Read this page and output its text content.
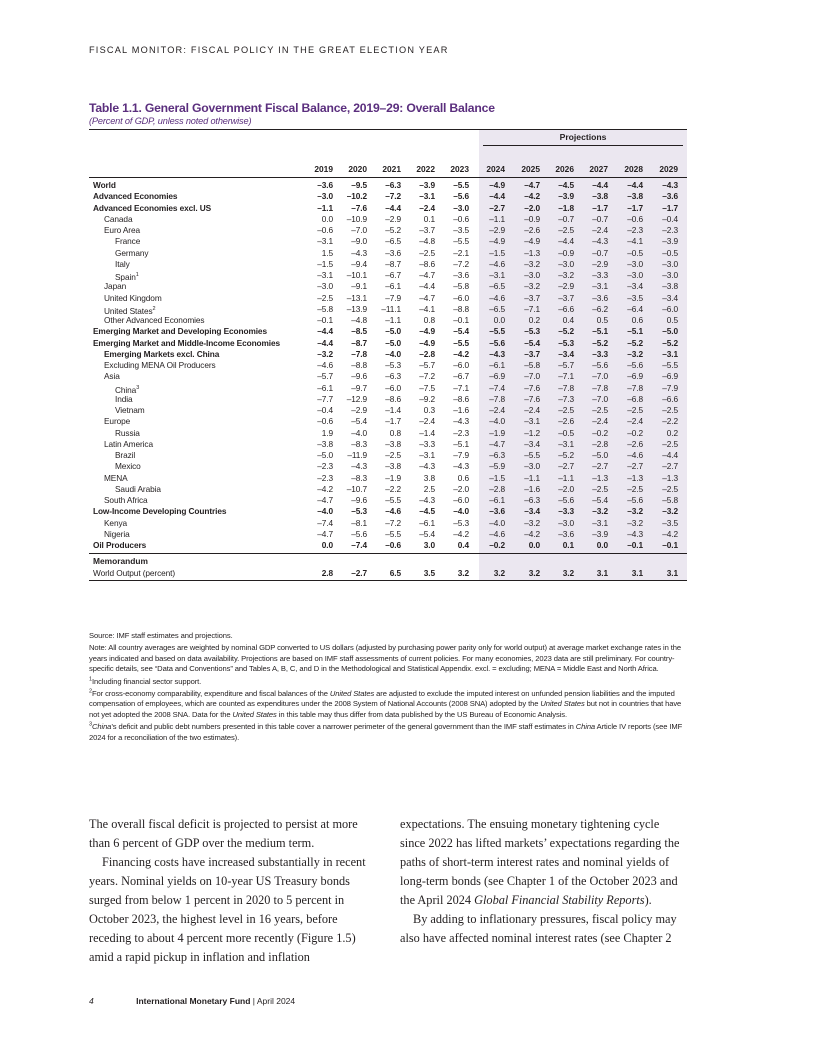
FISCAL MONITOR: FISCAL POLICY IN THE GREAT ELECTION YEAR
Table 1.1. General Government Fiscal Balance, 2019–29: Overall Balance
(Percent of GDP, unless noted otherwise)
Projections
2019	2020	2021	2022	2023	2024	2025	2026	2027	2028	2029
World	–3.6	–9.5	–6.3	–3.9	–5.5	–4.9	–4.7	–4.5	–4.4	–4.4	–4.3
Advanced Economies	–3.0	–10.2	–7.2	–3.1	–5.6	–4.4	–4.2	–3.9	–3.8	–3.8	–3.6
Advanced Economies excl. US	–1.1	–7.6	–4.4	–2.4	–3.0	–2.7	–2.0	–1.8	–1.7	–1.7	–1.7
Canada	0.0	–10.9	–2.9	0.1	–0.6	–1.1	–0.9	–0.7	–0.7	–0.6	–0.4
Euro Area	–0.6	–7.0	–5.2	–3.7	–3.5	–2.9	–2.6	–2.5	–2.4	–2.3	–2.3
France	–3.1	–9.0	–6.5	–4.8	–5.5	–4.9	–4.9	–4.4	–4.3	–4.1	–3.9
Germany	1.5	–4.3	–3.6	–2.5	–2.1	–1.5	–1.3	–0.9	–0.7	–0.5	–0.5
Italy	–1.5	–9.4	–8.7	–8.6	–7.2	–4.6	–3.2	–3.0	–2.9	–3.0	–3.0
Spain$^1$	–3.1	–10.1	–6.7	–4.7	–3.6	–3.1	–3.0	–3.2	–3.3	–3.0	–3.0
Japan	–3.0	–9.1	–6.1	–4.4	–5.8	–6.5	–3.2	–2.9	–3.1	–3.4	–3.8
United Kingdom	–2.5	–13.1	–7.9	–4.7	–6.0	–4.6	–3.7	–3.7	–3.6	–3.5	–3.4
United States$^2$	–5.8	–13.9	–11.1	–4.1	–8.8	–6.5	–7.1	–6.6	–6.2	–6.4	–6.0
Other Advanced Economies	–0.1	–4.8	–1.1	0.8	–0.1	0.0	0.2	0.4	0.5	0.6	0.5
Emerging Market and Developing Economies	–4.4	–8.5	–5.0	–4.9	–5.4	–5.5	–5.3	–5.2	–5.1	–5.1	–5.0
Emerging Market and Middle-Income Economies	–4.4	–8.7	–5.0	–4.9	–5.5	–5.6	–5.4	–5.3	–5.2	–5.2	–5.2
Emerging Markets excl. China	–3.2	–7.8	–4.0	–2.8	–4.2	–4.3	–3.7	–3.4	–3.3	–3.2	–3.1
Excluding MENA Oil Producers	–4.6	–8.8	–5.3	–5.7	–6.0	–6.1	–5.8	–5.7	–5.6	–5.6	–5.5
Asia	–5.7	–9.6	–6.3	–7.2	–6.7	–6.9	–7.0	–7.1	–7.0	–6.9	–6.9
China$^3$	–6.1	–9.7	–6.0	–7.5	–7.1	–7.4	–7.6	–7.8	–7.8	–7.8	–7.9
India	–7.7	–12.9	–8.6	–9.2	–8.6	–7.8	–7.6	–7.3	–7.0	–6.8	–6.6
Vietnam	–0.4	–2.9	–1.4	0.3	–1.6	–2.4	–2.4	–2.5	–2.5	–2.5	–2.5
Europe	–0.6	–5.4	–1.7	–2.4	–4.3	–4.0	–3.1	–2.6	–2.4	–2.4	–2.2
Russia	1.9	–4.0	0.8	–1.4	–2.3	–1.9	–1.2	–0.5	–0.2	–0.2	0.2
Latin America	–3.8	–8.3	–3.8	–3.3	–5.1	–4.7	–3.4	–3.1	–2.8	–2.6	–2.5
Brazil	–5.0	–11.9	–2.5	–3.1	–7.9	–6.3	–5.5	–5.2	–5.0	–4.6	–4.4
Mexico	–2.3	–4.3	–3.8	–4.3	–4.3	–5.9	–3.0	–2.7	–2.7	–2.7	–2.7
MENA	–2.3	–8.3	–1.9	3.8	0.6	–1.5	–1.1	–1.1	–1.3	–1.3	–1.3
Saudi Arabia	–4.2	–10.7	–2.2	2.5	–2.0	–2.8	–1.6	–2.0	–2.5	–2.5	–2.5
South Africa	–4.7	–9.6	–5.5	–4.3	–6.0	–6.1	–6.3	–5.6	–5.4	–5.6	–5.8
Low-Income Developing Countries	–4.0	–5.3	–4.6	–4.5	–4.0	–3.6	–3.4	–3.3	–3.2	–3.2	–3.2
Kenya	–7.4	–8.1	–7.2	–6.1	–5.3	–4.0	–3.2	–3.0	–3.1	–3.2	–3.5
Nigeria	–4.7	–5.6	–5.5	–5.4	–4.2	–4.6	–4.2	–3.6	–3.9	–4.3	–4.2
Oil Producers	0.0	–7.4	–0.6	3.0	0.4	–0.2	0.0	0.1	0.0	–0.1	–0.1
Memorandum
World Output (percent)	2.8	–2.7	6.5	3.5	3.2	3.2	3.2	3.2	3.1	3.1	3.1

Source: IMF staff estimates and projections.

Note: All country averages are weighted by nominal GDP converted to US dollars (adjusted by purchasing power parity only for world output) at average market exchange rates in the years indicated and based on data availability. Projections are based on IMF staff assessments of current policies. For many economies, 2023 data are still preliminary. For country-specific details, see “Data and Conventions” and Tables A, B, C, and D in the Methodological and Statistical Appendix. excl. = excluding; MENA = Middle East and North Africa.

$^1$Including financial sector support.

$^2$For cross-economy comparability, expenditure and fiscal balances of the United States are adjusted to exclude the imputed interest on unfunded pension liabilities and the imputed compensation of employees, which are counted as expenditures under the 2008 System of National Accounts (2008 SNA) adopted by the United States but not in countries that have not yet adopted the 2008 SNA. Data for the United States in this table may thus differ from data published by the US Bureau of Economic Analysis.

$^3$China’s deficit and public debt numbers presented in this table cover a narrower perimeter of the general government than the IMF staff estimates in China Article IV reports (see IMF 2024 for a reconciliation of the two estimates).

The overall fiscal deficit is projected to persist at more than 6 percent of GDP over the medium term.

Financing costs have increased substantially in recent years. Nominal yields on 10-year US Treasury bonds surged from below 1 percent in 2020 to 5 percent in October 2023, the highest level in 16 years, before receding to about 4 percent more recently (Figure 1.5) amid a rapid pickup in inflation and inflation

expectations. The ensuing monetary tightening cycle since 2022 has lifted markets’ expectations regarding the paths of short-term interest rates and nominal yields of long-term bonds (see Chapter 1 of the October 2023 and the April 2024 Global Financial Stability Reports).

By adding to inflationary pressures, fiscal policy may also have affected nominal interest rates (see Chapter 2

4	International Monetary Fund | April 2024
